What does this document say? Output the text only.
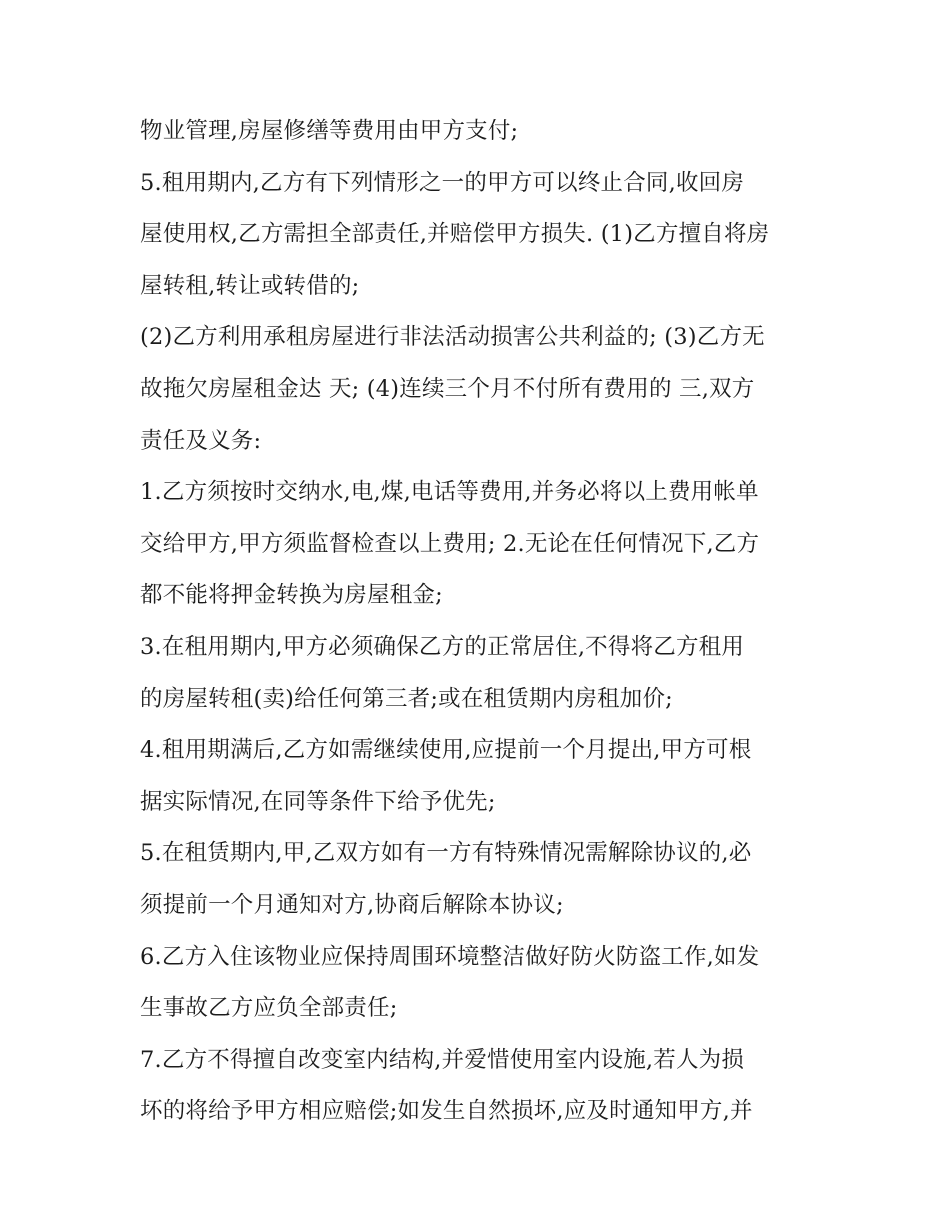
物业管理,房屋修缮等费用由甲方支付;
5.租用期内,乙方有下列情形之一的甲方可以终止合同,收回房
屋使用权,乙方需担全部责任,并赔偿甲方损失. (1)乙方擅自将房
屋转租,转让或转借的;
(2)乙方利用承租房屋进行非法活动损害公共利益的; (3)乙方无
故拖欠房屋租金达 天; (4)连续三个月不付所有费用的 三,双方
责任及义务:
1.乙方须按时交纳水,电,煤,电话等费用,并务必将以上费用帐单
交给甲方,甲方须监督检查以上费用; 2.无论在任何情况下,乙方
都不能将押金转换为房屋租金;
3.在租用期内,甲方必须确保乙方的正常居住,不得将乙方租用
的房屋转租(卖)给任何第三者;或在租赁期内房租加价;
4.租用期满后,乙方如需继续使用,应提前一个月提出,甲方可根
据实际情况,在同等条件下给予优先;
5.在租赁期内,甲,乙双方如有一方有特殊情况需解除协议的,必
须提前一个月通知对方,协商后解除本协议;
6.乙方入住该物业应保持周围环境整洁做好防火防盗工作,如发
生事故乙方应负全部责任;
7.乙方不得擅自改变室内结构,并爱惜使用室内设施,若人为损
坏的将给予甲方相应赔偿;如发生自然损坏,应及时通知甲方,并
